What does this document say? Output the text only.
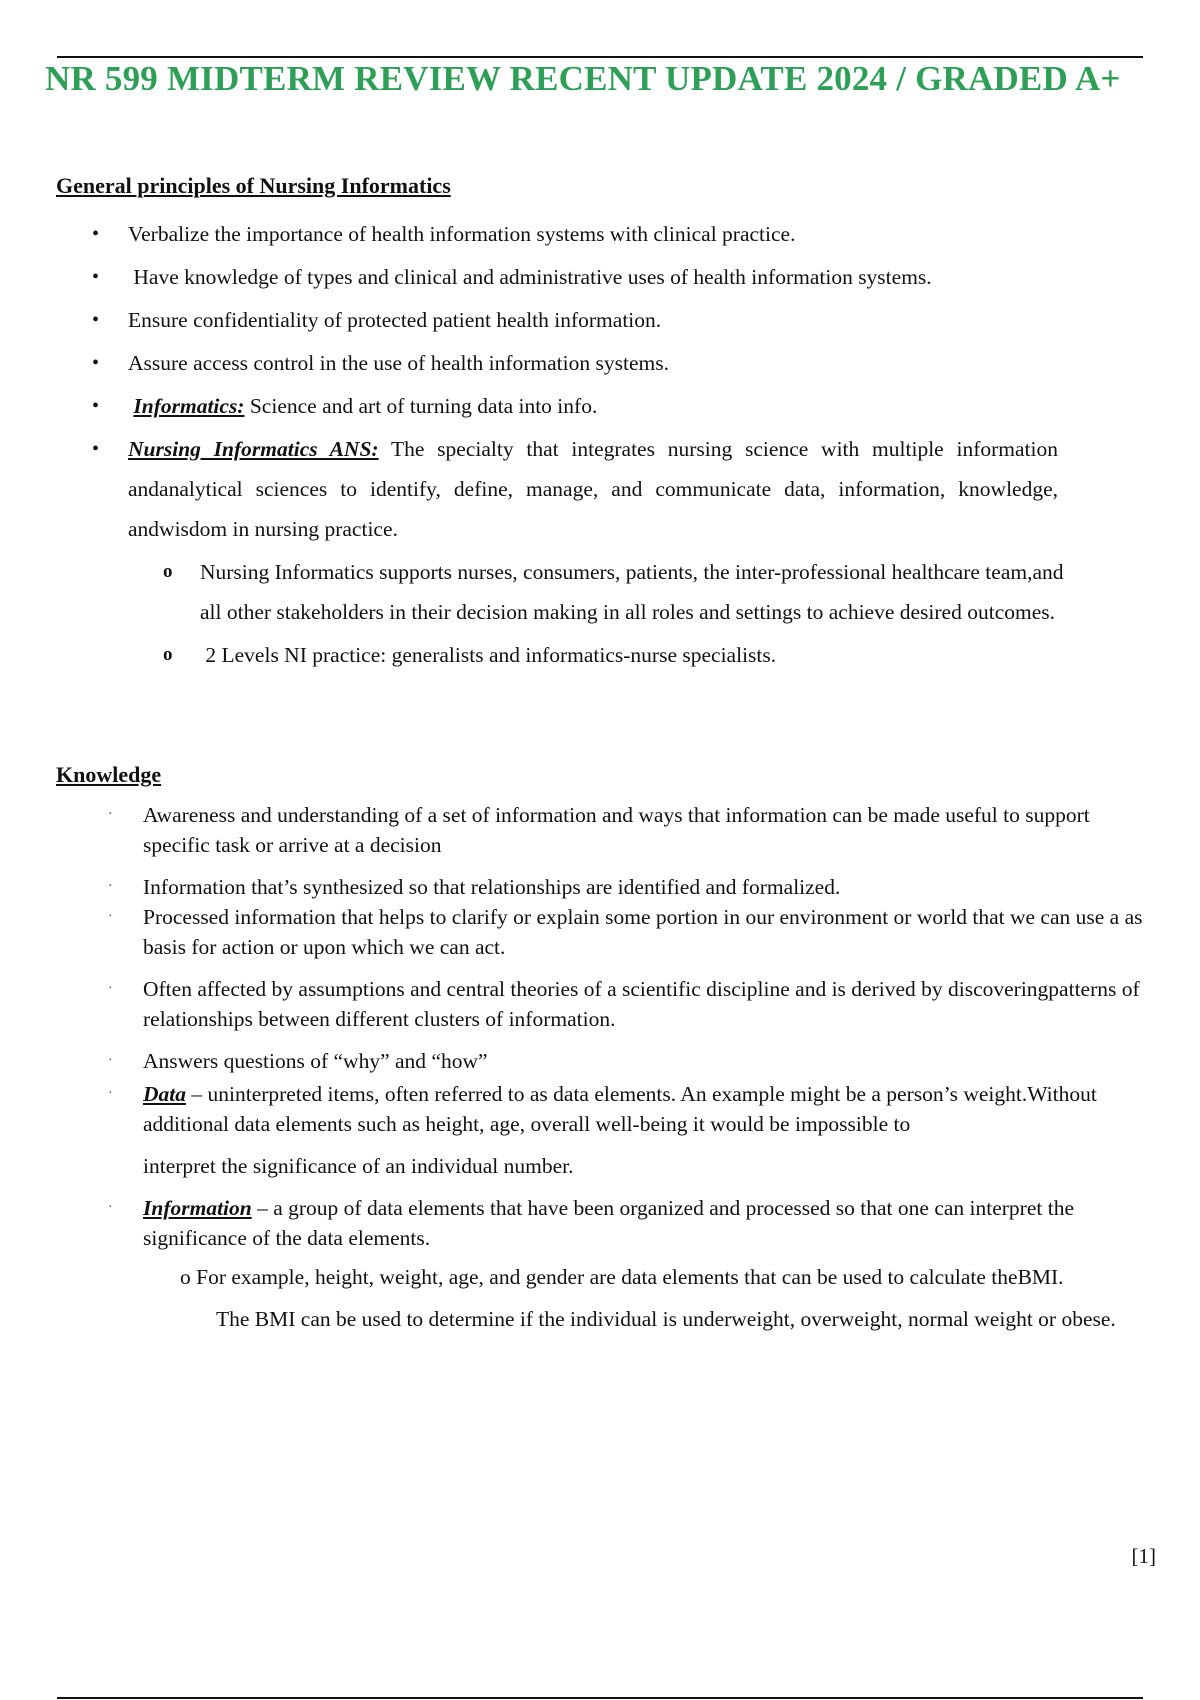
NR 599 MIDTERM REVIEW RECENT UPDATE 2024 / GRADED A+
General principles of Nursing Informatics
• Verbalize the importance of health information systems with clinical practice.
• Have knowledge of types and clinical and administrative uses of health information systems.
• Ensure confidentiality of protected patient health information.
• Assure access control in the use of health information systems.
• Informatics: Science and art of turning data into info.
• Nursing Informatics ANS: The specialty that integrates nursing science with multiple information andanalytical sciences to identify, define, manage, and communicate data, information, knowledge, andwisdom in nursing practice.
o Nursing Informatics supports nurses, consumers, patients, the inter-professional healthcare team,and all other stakeholders in their decision making in all roles and settings to achieve desired outcomes.
o 2 Levels NI practice: generalists and informatics-nurse specialists.
Knowledge
· Awareness and understanding of a set of information and ways that information can be made useful to support specific task or arrive at a decision
· Information that’s synthesized so that relationships are identified and formalized.
· Processed information that helps to clarify or explain some portion in our environment or world that we can use a as basis for action or upon which we can act.
· Often affected by assumptions and central theories of a scientific discipline and is derived by discoveringpatterns of relationships between different clusters of information.
· Answers questions of “why” and “how”
· Data – uninterpreted items, often referred to as data elements. An example might be a person’s weight.Without additional data elements such as height, age, overall well-being it would be impossible to
interpret the significance of an individual number.
· Information – a group of data elements that have been organized and processed so that one can interpret the significance of the data elements.
o For example, height, weight, age, and gender are data elements that can be used to calculate theBMI.
The BMI can be used to determine if the individual is underweight, overweight, normal weight or obese.
[1]
